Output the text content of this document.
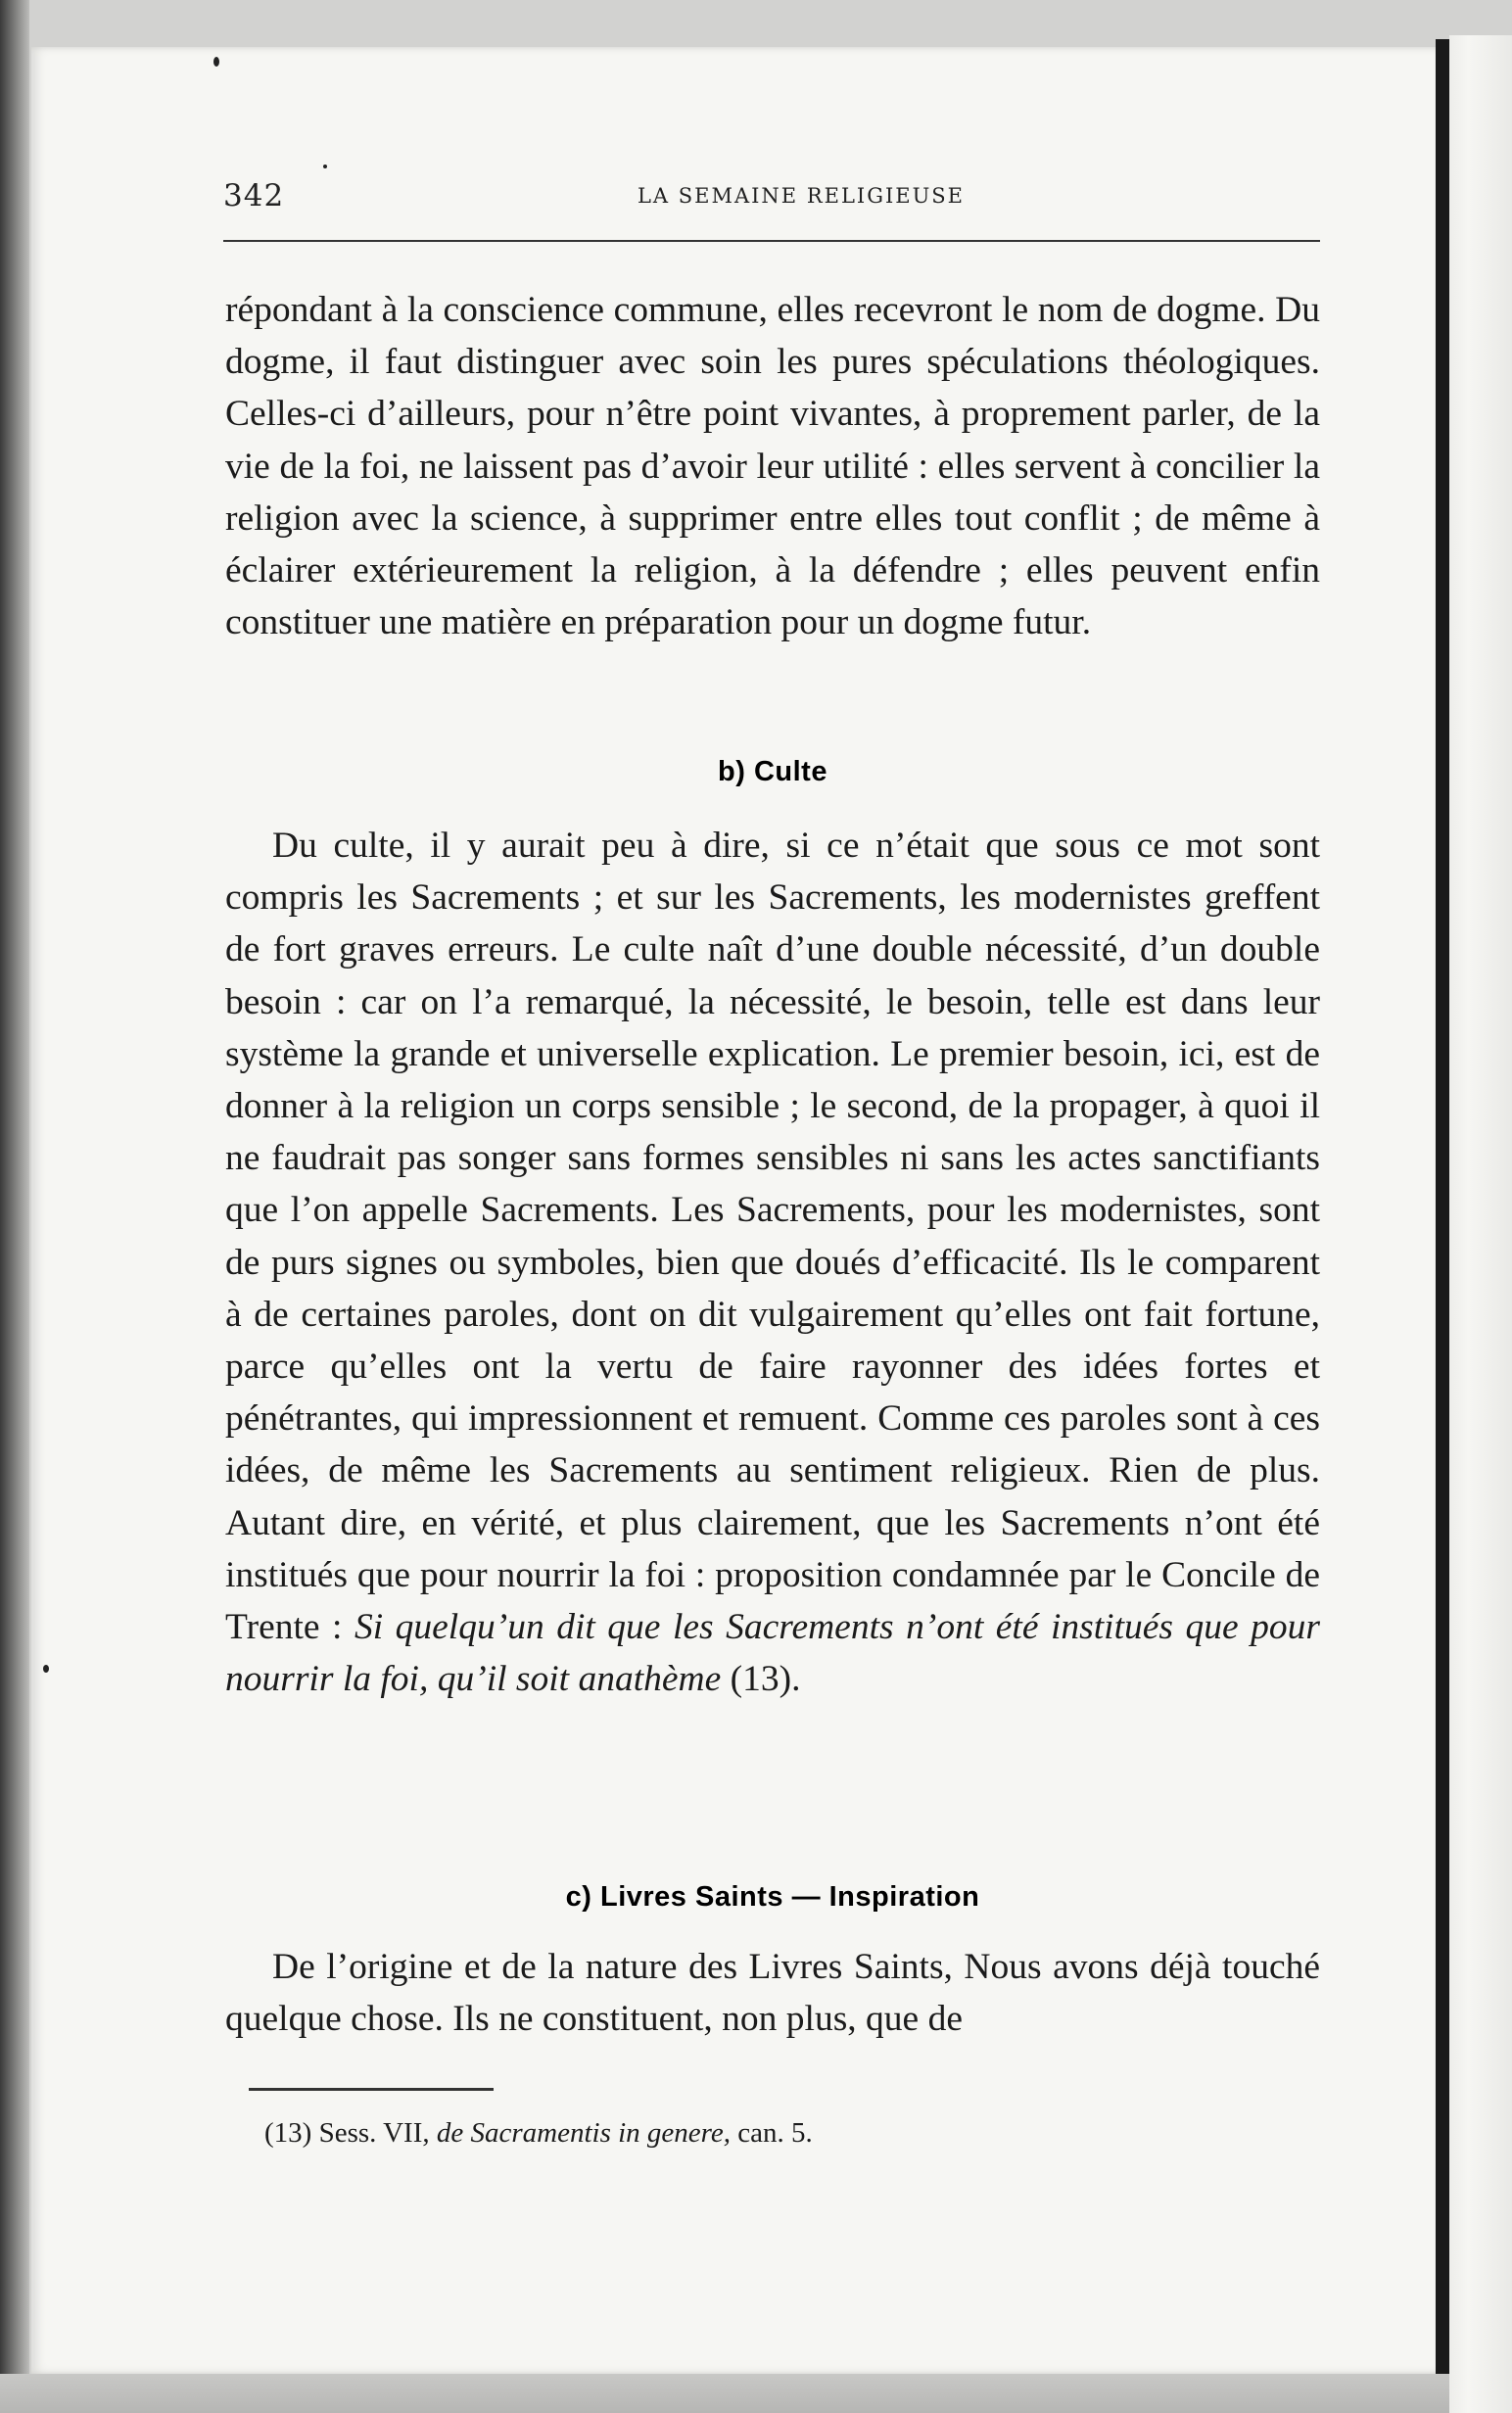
342	LA SEMAINE RELIGIEUSE

répondant à la conscience commune, elles recevront le nom de dogme. Du dogme, il faut distinguer avec soin les pures spéculations théologiques. Celles-ci d’ailleurs, pour n’être point vivantes, à proprement parler, de la vie de la foi, ne laissent pas d’avoir leur utilité : elles servent à concilier la religion avec la science, à supprimer entre elles tout conflit ; de même à éclairer extérieurement la religion, à la défendre ; elles peuvent enfin constituer une matière en préparation pour un dogme futur.

b) Culte

Du culte, il y aurait peu à dire, si ce n’était que sous ce mot sont compris les Sacrements ; et sur les Sacrements, les modernistes greffent de fort graves erreurs. Le culte naît d’une double nécessité, d’un double besoin : car on l’a remarqué, la nécessité, le besoin, telle est dans leur système la grande et universelle explication. Le premier besoin, ici, est de donner à la religion un corps sensible ; le second, de la propager, à quoi il ne faudrait pas songer sans formes sensibles ni sans les actes sanctifiants que l’on appelle Sacrements. Les Sacrements, pour les modernistes, sont de purs signes ou symboles, bien que doués d’efficacité. Ils le comparent à de certaines paroles, dont on dit vulgairement qu’elles ont fait fortune, parce qu’elles ont la vertu de faire rayonner des idées fortes et pénétrantes, qui impressionnent et remuent. Comme ces paroles sont à ces idées, de même les Sacrements au sentiment religieux. Rien de plus. Autant dire, en vérité, et plus clairement, que les Sacrements n’ont été institués que pour nourrir la foi : proposition condamnée par le Concile de Trente : Si quelqu’un dit que les Sacrements n’ont été institués que pour nourrir la foi, qu’il soit anathème (13).

c) Livres Saints — Inspiration

De l’origine et de la nature des Livres Saints, Nous avons déjà touché quelque chose. Ils ne constituent, non plus, que de

(13) Sess. VII, de Sacramentis in genere, can. 5.
